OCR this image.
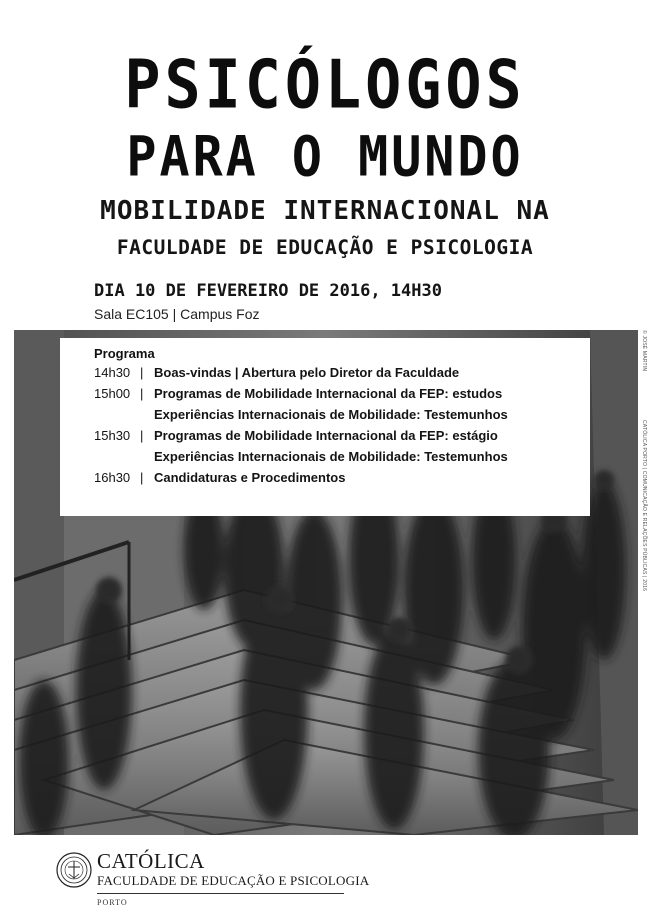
PSICÓLOGOS
PARA O MUNDO
MOBILIDADE INTERNACIONAL NA
FACULDADE DE EDUCAÇÃO E PSICOLOGIA
DIA 10 DE FEVEREIRO DE 2016, 14H30
Sala EC105 | Campus Foz
Programa
14h30 | Boas-vindas | Abertura pelo Diretor da Faculdade
15h00 | Programas de Mobilidade Internacional da FEP: estudos
Experiências Internacionais de Mobilidade: Testemunhos
15h30 | Programas de Mobilidade Internacional da FEP: estágio
Experiências Internacionais de Mobilidade: Testemunhos
16h30 | Candidaturas e Procedimentos	CATÓLICA PORTO | COMUNICAÇÃO E RELAÇÕES PÚBLICAS | 2016
© JOSÉ MARTIN
CATÓLICA
FACULDADE DE EDUCAÇÃO E PSICOLOGIA
PORTO
